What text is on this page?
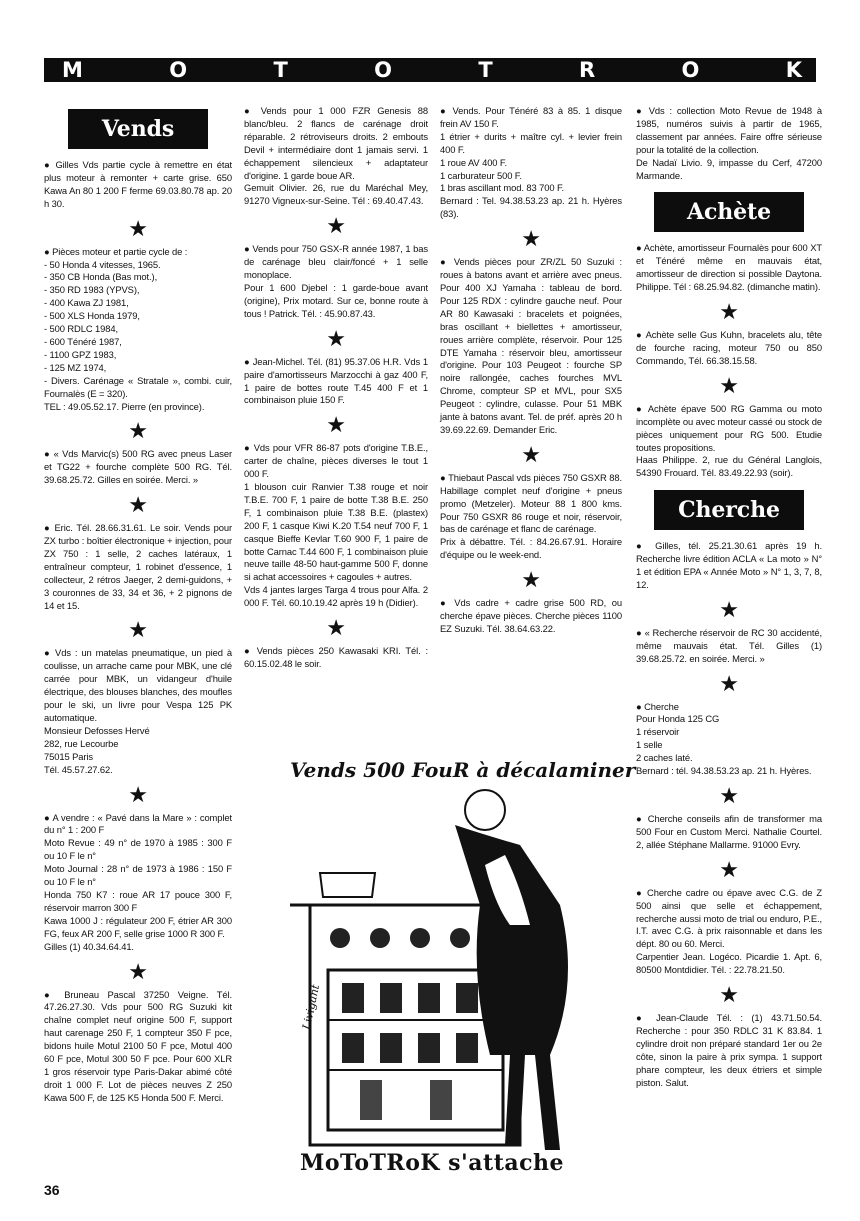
M	O	T	O	T	R	O	K
Vends

● Gilles Vds partie cycle à remettre en état plus moteur à remonter + carte grise. 650 Kawa An 80 1 200 F ferme 69.03.80.78 ap. 20 h 30.

★

● Pièces moteur et partie cycle de :
- 50 Honda 4 vitesses, 1965.
- 350 CB Honda (Bas mot.),
- 350 RD 1983 (YPVS),
- 400 Kawa ZJ 1981,
- 500 XLS Honda 1979,
- 500 RDLC 1984,
- 600 Ténéré 1987,
- 1100 GPZ 1983,
- 125 MZ 1974,
- Divers. Carénage « Stratale », combi. cuir, Fournalès (E = 320).
TEL : 49.05.52.17. Pierre (en province).

★

● « Vds Marvic(s) 500 RG avec pneus Laser et TG22 + fourche complète 500 RG. Tél. 39.68.25.72. Gilles en soirée. Merci. »

★

● Eric. Tél. 28.66.31.61. Le soir. Vends pour ZX turbo : boîtier électronique + injection, pour ZX 750 : 1 selle, 2 caches latéraux, 1 entraîneur compteur, 1 robinet d'essence, 1 collecteur, 2 rétros Jaeger, 2 demi-guidons, + 3 couronnes de 33, 34 et 36, + 2 pignons de 14 et 15.

★

● Vds : un matelas pneumatique, un pied à coulisse, un arrache came pour MBK, une clé carrée pour MBK, un vidangeur d'huile électrique, des blouses blanches, des moufles pour le ski, un livre pour Vespa 125 PK automatique.
Monsieur Defosses Hervé
282, rue Lecourbe
75015 Paris
Tél. 45.57.27.62.

★

● A vendre : « Pavé dans la Mare » : complet du n° 1 : 200 F
Moto Revue : 49 n° de 1970 à 1985 : 300 F ou 10 F le n°
Moto Journal : 28 n° de 1973 à 1986 : 150 F ou 10 F le n°
Honda 750 K7 : roue AR 17 pouce 300 F, réservoir marron 300 F
Kawa 1000 J : régulateur 200 F, étrier AR 300 FG, feux AR 200 F, selle grise 1000 R 300 F.
Gilles (1) 40.34.64.41.

★

● Bruneau Pascal 37250 Veigne. Tél. 47.26.27.30. Vds pour 500 RG Suzuki kit chaîne complet neuf origine 500 F, support haut carenage 250 F, 1 compteur 350 F pce, bidons huile Motul 2100 50 F pce, Motul 400 60 F pce, Motul 300 50 F pce. Pour 600 XLR 1 gros réservoir type Paris-Dakar abimé côté droit 1 000 F. Lot de pièces neuves Z 250 Kawa 500 F, de 125 K5 Honda 500 F. Merci.

● Vends pour 1 000 FZR Genesis 88 blanc/bleu. 2 flancs de carénage droit réparable. 2 rétroviseurs droits. 2 embouts Devil + intermédiaire dont 1 jamais servi. 1 échappement silencieux + adaptateur d'origine. 1 garde boue AR.
Gemuit Olivier. 26, rue du Maréchal Mey, 91270 Vigneux-sur-Seine. Tél : 69.40.47.43.

★

● Vends pour 750 GSX-R année 1987, 1 bas de carénage bleu clair/foncé + 1 selle monoplace.
Pour 1 600 Djebel : 1 garde-boue avant (origine), Prix motard. Sur ce, bonne route à tous ! Patrick. Tél. : 45.90.87.43.

★

● Jean-Michel. Tél. (81) 95.37.06 H.R. Vds 1 paire d'amortisseurs Marzocchi à gaz 400 F, 1 paire de bottes route T.45 400 F et 1 combinaison pluie 150 F.

★

● Vds pour VFR 86-87 pots d'origine T.B.E., carter de chaîne, pièces diverses le tout 1 000 F.
1 blouson cuir Ranvier T.38 rouge et noir T.B.E. 700 F, 1 paire de botte T.38 B.E. 250 F, 1 combinaison pluie T.38 B.E. (plastex) 200 F, 1 casque Kiwi K.20 T.54 neuf 700 F, 1 casque Bieffe Kevlar T.60 900 F, 1 paire de botte Carnac T.44 600 F, 1 combinaison pluie neuve taille 48-50 haut-gamme 500 F, donne si achat accessoires + cagoules + autres.
Vds 4 jantes larges Targa 4 trous pour Alfa. 2 000 F. Tél. 60.10.19.42 après 19 h (Didier).

★

● Vends pièces 250 Kawasaki KRI. Tél. : 60.15.02.48 le soir.

● Vends. Pour Ténéré 83 à 85. 1 disque frein AV 150 F.
1 étrier + durits + maître cyl. + levier frein 400 F.
1 roue AV 400 F.
1 carburateur 500 F.
1 bras ascillant mod. 83 700 F.
Bernard : Tel. 94.38.53.23 ap. 21 h. Hyères (83).

★

● Vends pièces pour ZR/ZL 50 Suzuki : roues à batons avant et arrière avec pneus. Pour 400 XJ Yamaha : tableau de bord. Pour 125 RDX : cylindre gauche neuf. Pour AR 80 Kawasaki : bracelets et poignées, bras oscillant + biellettes + amortisseur, roues arrière complète, réservoir. Pour 125 DTE Yamaha : réservoir bleu, amortisseur d'origine. Pour 103 Peugeot : fourche SP noire rallongée, caches fourches MVL Chrome, compteur SP et MVL, pour SX5 Peugeot : cylindre, culasse. Pour 51 MBK jante à batons avant. Tel. de préf. après 20 h 39.69.22.69. Demander Eric.

★

● Thiebaut Pascal vds pièces 750 GSXR 88. Habillage complet neuf d'origine + pneus promo (Metzeler). Moteur 88 1 800 kms. Pour 750 GSXR 86 rouge et noir, réservoir, bas de carénage et flanc de carénage.
Prix à débattre. Tél. : 84.26.67.91. Horaire d'équipe ou le week-end.

★

● Vds cadre + cadre grise 500 RD, ou cherche épave pièces. Cherche pièces 1100 EZ Suzuki. Tél. 38.64.63.22.

● Vds : collection Moto Revue de 1948 à 1985, numéros suivis à partir de 1965, classement par années. Faire offre sérieuse pour la totalité de la collection.
De Nadaï Livio. 9, impasse du Cerf, 47200 Marmande.

Achète

● Achète, amortisseur Fournalès pour 600 XT et Ténéré même en mauvais état, amortisseur de direction si possible Daytona. Philippe. Tél : 68.25.94.82. (dimanche matin).

★

● Achète selle Gus Kuhn, bracelets alu, tête de fourche racing, moteur 750 ou 850 Commando, Tél. 66.38.15.58.

★

● Achète épave 500 RG Gamma ou moto incomplète ou avec moteur cassé ou stock de pièces uniquement pour RG 500. Etudie toutes propositions.
Haas Philippe. 2, rue du Général Langlois, 54390 Frouard. Tél. 83.49.22.93 (soir).

Cherche

● Gilles, tél. 25.21.30.61 après 19 h. Recherche livre édition ACLA « La moto » N° 1 et édition EPA « Année Moto » N° 1, 3, 7, 8, 12.

★

● « Recherche réservoir de RC 30 accidenté, même mauvais état. Tél. Gilles (1) 39.68.25.72. en soirée. Merci. »

★

● Cherche
Pour Honda 125 CG
1 réservoir
1 selle
2 caches laté.
Bernard : tél. 94.38.53.23 ap. 21 h. Hyères.

★

● Cherche conseils afin de transformer ma 500 Four en Custom Merci. Nathalie Courtel. 2, allée Stéphane Mallarme. 91000 Evry.

★

● Cherche cadre ou épave avec C.G. de Z 500 ainsi que selle et échappement, recherche aussi moto de trial ou enduro, P.E., I.T. avec C.G. à prix raisonnable et dans les dépt. 80 ou 60. Merci.
Carpentier Jean. Logéco. Picardie 1. Apt. 6, 80500 Montdidier. Tél. : 22.78.21.50.

★

● Jean-Claude Tél. : (1) 43.71.50.54. Recherche : pour 350 RDLC 31 K 83.84. 1 cylindre droit non préparé standard 1er ou 2e côte, sinon la paire à prix sympa. 1 support phare compteur, les deux étriers et simple piston. Salut.

Vends 500 FouR à décalaminer
Livigant
MoToTRoK s'attache
36
